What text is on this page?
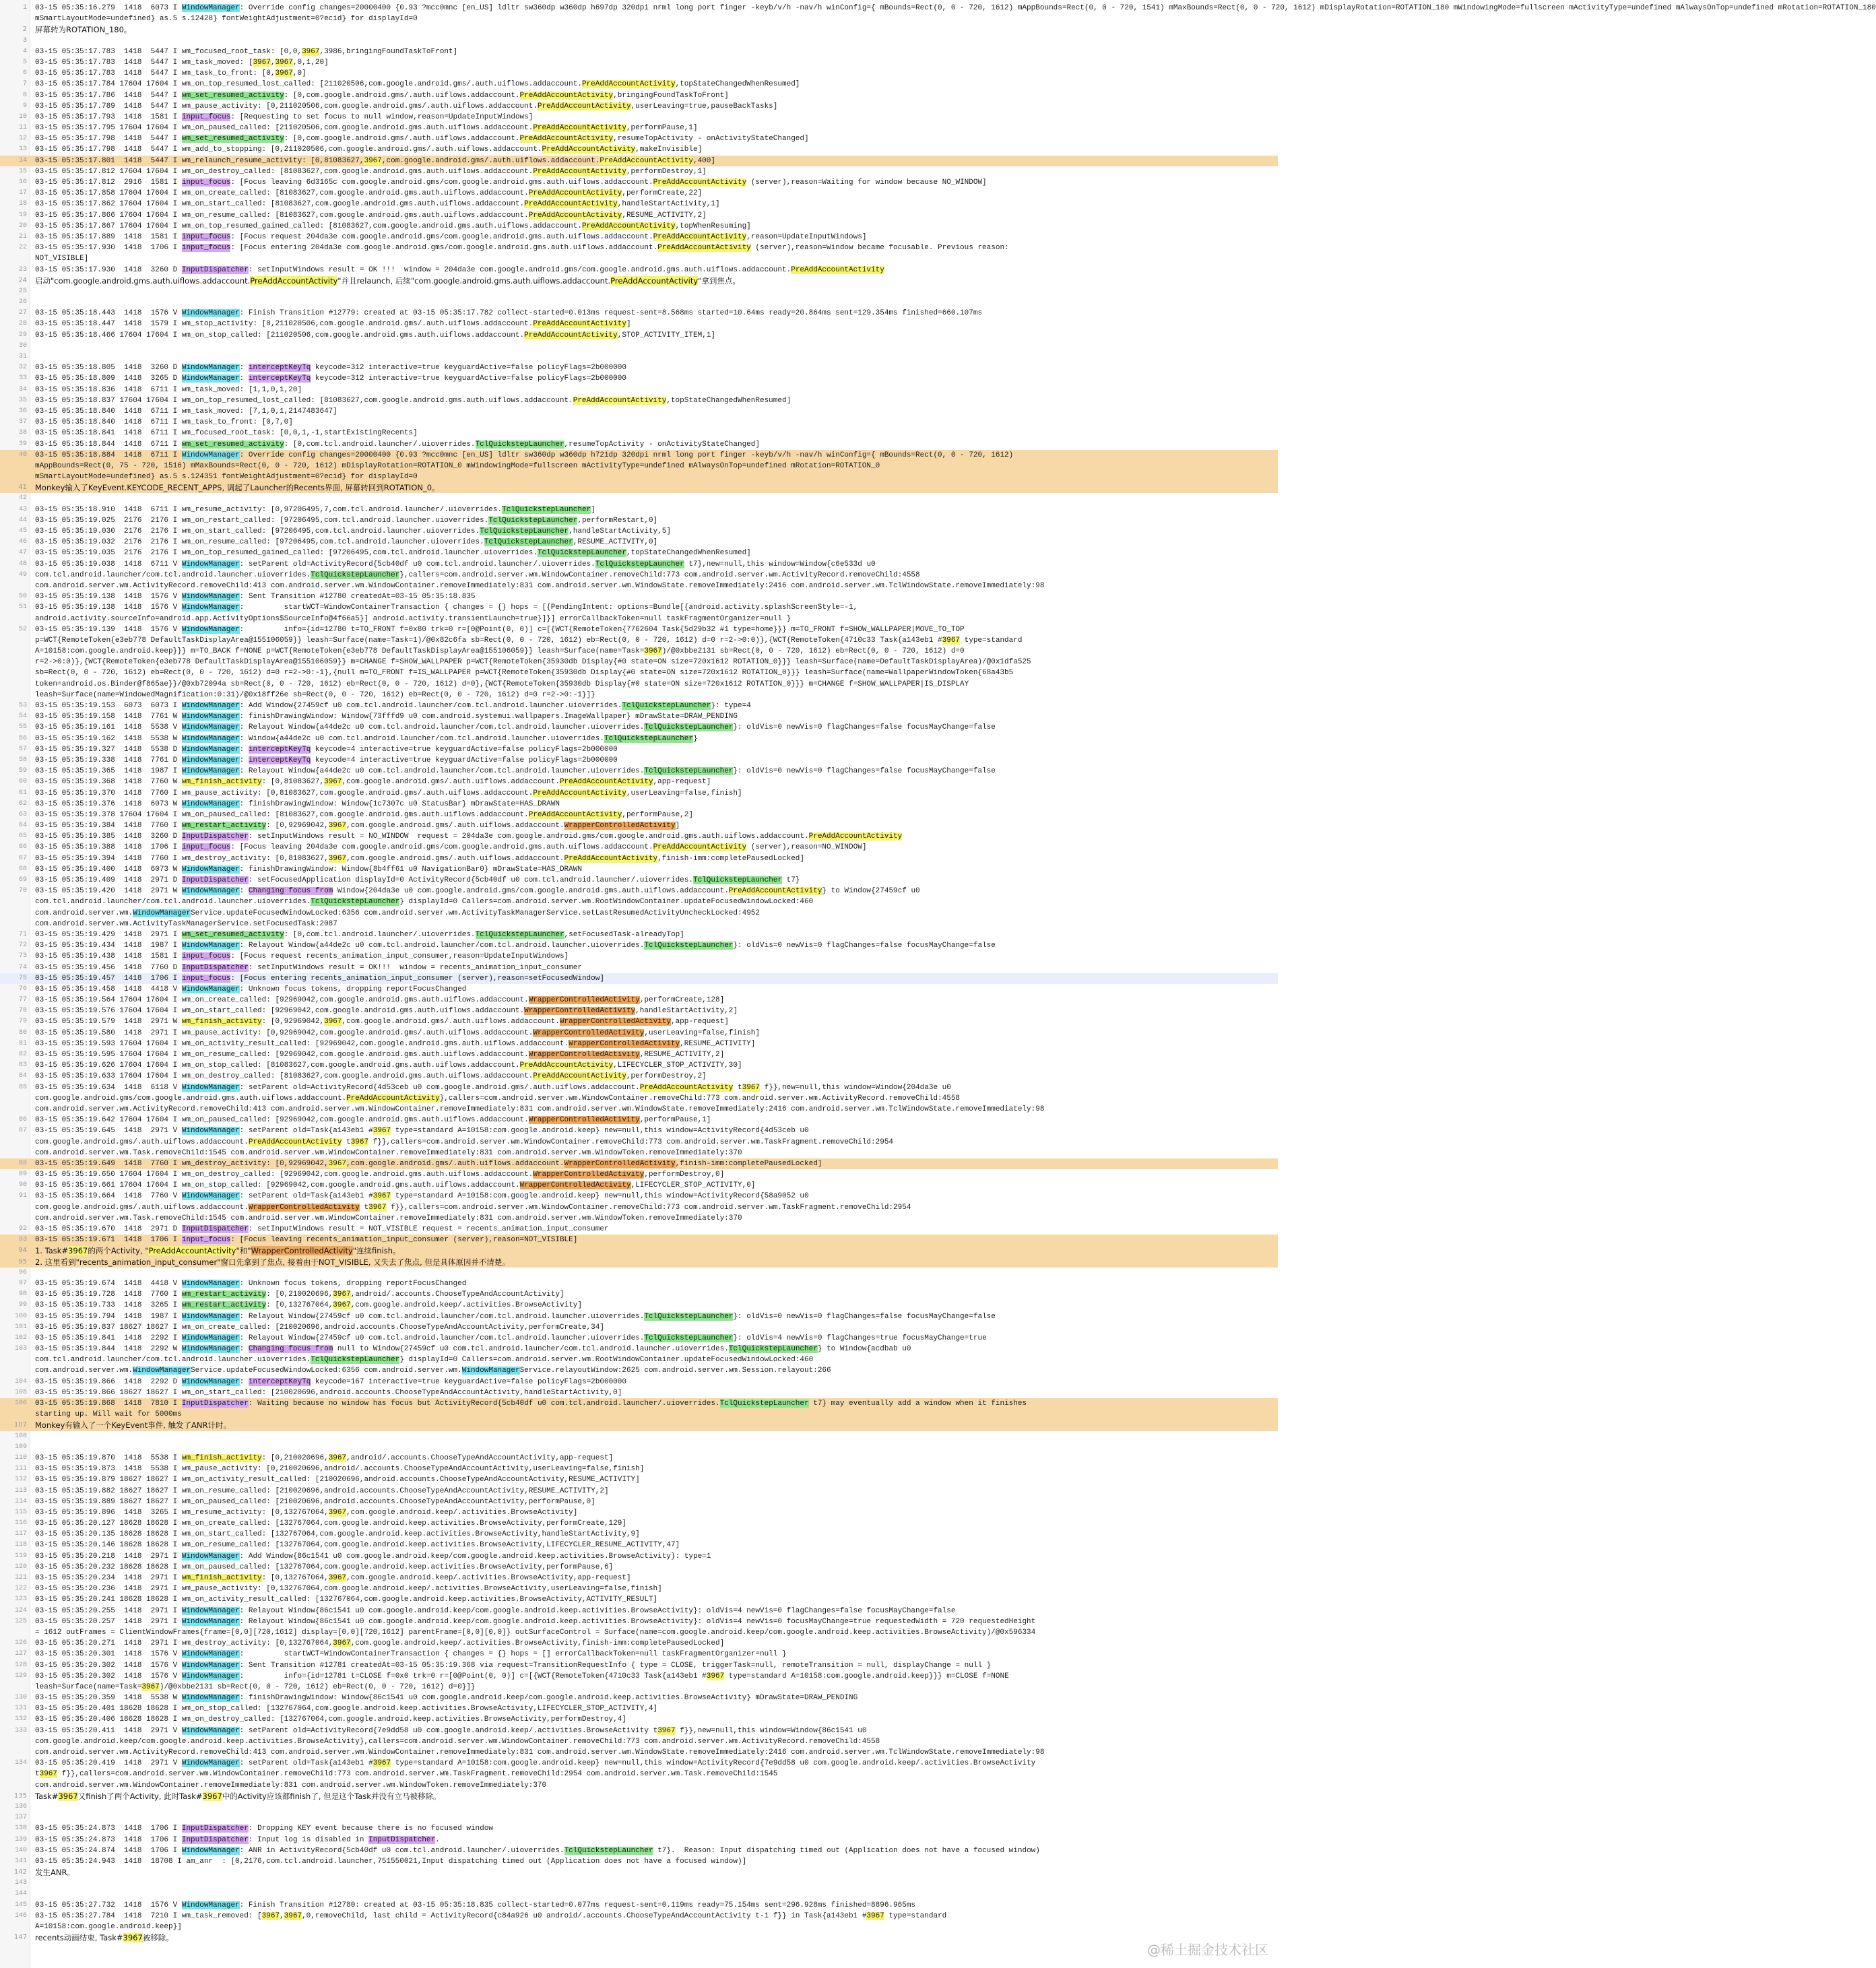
1 03-15 05:35:16.279  1418  6073 I WindowManager: Override config changes=20000400 {0.93 ?mcc0mnc [en_US] ldltr sw360dp w360dp h697dp 320dpi nrml long port finger -keyb/v/h -nav/h winConfig={ mBounds=Rect(0, 0 - 720, 1612) mAppBounds=Rect(0, 0 - 720, 1541) mMaxBounds=Rect(0, 0 - 720, 1612) mDisplayRotation=ROTATION_180 mWindowingMode=fullscreen mActivityType=undefined mAlwaysOnTop=undefined mRotation=ROTATION_180
mSmartLayoutMode=undefined} as.5 s.12428} fontWeightAdjustment=0?ecid} for displayId=0
2 屏幕转为ROTATION_180。
3
4 03-15 05:35:17.783  1418  5447 I wm_focused_root_task: [0,0,3967,3986,bringingFoundTaskToFront]
5 03-15 05:35:17.783  1418  5447 I wm_task_moved: [3967,3967,0,1,20]
6 03-15 05:35:17.783  1418  5447 I wm_task_to_front: [0,3967,0]
7 03-15 05:35:17.784 17604 17604 I wm_on_top_resumed_lost_called: [211020506,com.google.android.gms/.auth.uiflows.addaccount.PreAddAccountActivity,topStateChangedWhenResumed]
8 03-15 05:35:17.786  1418  5447 I wm_set_resumed_activity: [0,com.google.android.gms/.auth.uiflows.addaccount.PreAddAccountActivity,bringingFoundTaskToFront]
9 03-15 05:35:17.789  1418  5447 I wm_pause_activity: [0,211020506,com.google.android.gms/.auth.uiflows.addaccount.PreAddAccountActivity,userLeaving=true,pauseBackTasks]
10 03-15 05:35:17.793  1418  1581 I input_focus: [Requesting to set focus to null window,reason=UpdateInputWindows]
11 03-15 05:35:17.795 17604 17604 I wm_on_paused_called: [211020506,com.google.android.gms.auth.uiflows.addaccount.PreAddAccountActivity,performPause,1]
12 03-15 05:35:17.798  1418  5447 I wm_set_resumed_activity: [0,com.google.android.gms/.auth.uiflows.addaccount.PreAddAccountActivity,resumeTopActivity - onActivityStateChanged]
13 03-15 05:35:17.798  1418  5447 I wm_add_to_stopping: [0,211020506,com.google.android.gms/.auth.uiflows.addaccount.PreAddAccountActivity,makeInvisible]
14 03-15 05:35:17.801  1418  5447 I wm_relaunch_resume_activity: [0,81083627,3967,com.google.android.gms/.auth.uiflows.addaccount.PreAddAccountActivity,400]
15 03-15 05:35:17.812 17604 17604 I wm_on_destroy_called: [81083627,com.google.android.gms.auth.uiflows.addaccount.PreAddAccountActivity,performDestroy,1]
16 03-15 05:35:17.812  2916  1581 I input_focus: [Focus leaving 6d3165c com.google.android.gms/com.google.android.gms.auth.uiflows.addaccount.PreAddAccountActivity (server),reason=Waiting for window because NO_WINDOW]
17 03-15 05:35:17.858 17604 17604 I wm_on_create_called: [81083627,com.google.android.gms.auth.uiflows.addaccount.PreAddAccountActivity,performCreate,22]
18 03-15 05:35:17.862 17604 17604 I wm_on_start_called: [81083627,com.google.android.gms.auth.uiflows.addaccount.PreAddAccountActivity,handleStartActivity,1]
19 03-15 05:35:17.866 17604 17604 I wm_on_resume_called: [81083627,com.google.android.gms.auth.uiflows.addaccount.PreAddAccountActivity,RESUME_ACTIVITY,2]
20 03-15 05:35:17.867 17604 17604 I wm_on_top_resumed_gained_called: [81083627,com.google.android.gms.auth.uiflows.addaccount.PreAddAccountActivity,topWhenResuming]
21 03-15 05:35:17.889  1418  1581 I input_focus: [Focus request 204da3e com.google.android.gms/com.google.android.gms.auth.uiflows.addaccount.PreAddAccountActivity,reason=UpdateInputWindows]
22 03-15 05:35:17.930  1418  1706 I input_focus: [Focus entering 204da3e com.google.android.gms/com.google.android.gms.auth.uiflows.addaccount.PreAddAccountActivity (server),reason=Window became focusable. Previous reason:
NOT_VISIBLE]
23 03-15 05:35:17.930  1418  3260 D InputDispatcher: setInputWindows result = OK !!!  window = 204da3e com.google.android.gms/com.google.android.gms.auth.uiflows.addaccount.PreAddAccountActivity
24 启动"com.google.android.gms.auth.uiflows.addaccount.PreAddAccountActivity"并且relaunch, 后续"com.google.android.gms.auth.uiflows.addaccount.PreAddAccountActivity"拿到焦点。
25
26
27 03-15 05:35:18.443  1418  1576 V WindowManager: Finish Transition #12779: created at 03-15 05:35:17.782 collect-started=0.013ms request-sent=8.568ms started=10.64ms ready=20.864ms sent=129.354ms finished=660.107ms
28 03-15 05:35:18.447  1418  1579 I wm_stop_activity: [0,211020506,com.google.android.gms/.auth.uiflows.addaccount.PreAddAccountActivity]
29 03-15 05:35:18.466 17604 17604 I wm_on_stop_called: [211020506,com.google.android.gms.auth.uiflows.addaccount.PreAddAccountActivity,STOP_ACTIVITY_ITEM,1]
30
31
32 03-15 05:35:18.805  1418  3260 D WindowManager: interceptKeyTq keycode=312 interactive=true keyguardActive=false policyFlags=2b000000
33 03-15 05:35:18.809  1418  3265 D WindowManager: interceptKeyTq keycode=312 interactive=true keyguardActive=false policyFlags=2b000000
34 03-15 05:35:18.836  1418  6711 I wm_task_moved: [1,1,0,1,20]
35 03-15 05:35:18.837 17604 17604 I wm_on_top_resumed_lost_called: [81083627,com.google.android.gms.auth.uiflows.addaccount.PreAddAccountActivity,topStateChangedWhenResumed]
36 03-15 05:35:18.840  1418  6711 I wm_task_moved: [7,1,0,1,2147483647]
37 03-15 05:35:18.840  1418  6711 I wm_task_to_front: [0,7,0]
38 03-15 05:35:18.841  1418  6711 I wm_focused_root_task: [0,0,1,-1,startExistingRecents]
39 03-15 05:35:18.844  1418  6711 I wm_set_resumed_activity: [0,com.tcl.android.launcher/.uioverrides.TclQuickstepLauncher,resumeTopActivity - onActivityStateChanged]
40 03-15 05:35:18.884  1418  6711 I WindowManager: Override config changes=20000400 {0.93 ?mcc0mnc [en_US] ldltr sw360dp w360dp h721dp 320dpi nrml long port finger -keyb/v/h -nav/h winConfig={ mBounds=Rect(0, 0 - 720, 1612)
mAppBounds=Rect(0, 75 - 720, 1516) mMaxBounds=Rect(0, 0 - 720, 1612) mDisplayRotation=ROTATION_0 mWindowingMode=fullscreen mActivityType=undefined mAlwaysOnTop=undefined mRotation=ROTATION_0
mSmartLayoutMode=undefined} as.5 s.124351 fontWeightAdjustment=0?ecid} for displayId=0
41 Monkey输入了KeyEvent.KEYCODE_RECENT_APPS, 调起了Launcher的Recents界面, 屏幕转回到ROTATION_0。
42
43 03-15 05:35:18.910  1418  6711 I wm_resume_activity: [0,97206495,7,com.tcl.android.launcher/.uioverrides.TclQuickstepLauncher]
44 03-15 05:35:19.025  2176  2176 I wm_on_restart_called: [97206495,com.tcl.android.launcher.uioverrides.TclQuickstepLauncher,performRestart,0]
45 03-15 05:35:19.030  2176  2176 I wm_on_start_called: [97206495,com.tcl.android.launcher.uioverrides.TclQuickstepLauncher,handleStartActivity,5]
46 03-15 05:35:19.032  2176  2176 I wm_on_resume_called: [97206495,com.tcl.android.launcher.uioverrides.TclQuickstepLauncher,RESUME_ACTIVITY,0]
47 03-15 05:35:19.035  2176  2176 I wm_on_top_resumed_gained_called: [97206495,com.tcl.android.launcher.uioverrides.TclQuickstepLauncher,topStateChangedWhenResumed]
48 03-15 05:35:19.038  1418  6711 V WindowManager: setParent old=ActivityRecord{5cb40df u0 com.tcl.android.launcher/.uioverrides.TclQuickstepLauncher t7},new=null,this window=Window{c6e533d u0
49 com.tcl.android.launcher/com.tcl.android.launcher.uioverrides.TclQuickstepLauncher},callers=com.android.server.wm.WindowContainer.removeChild:773 com.android.server.wm.ActivityRecord.removeChild:4558
com.android.server.wm.ActivityRecord.removeChild:413 com.android.server.wm.WindowContainer.removeImmediately:831 com.android.server.wm.WindowState.removeImmediately:2416 com.android.server.wm.TclWindowState.removeImmediately:98
50 03-15 05:35:19.138  1418  1576 V WindowManager: Sent Transition #12780 createdAt=03-15 05:35:18.835
51 03-15 05:35:19.138  1418  1576 V WindowManager:         startWCT=WindowContainerTransaction { changes = {} hops = [{PendingIntent: options=Bundle[{android.activity.splashScreenStyle=-1,
android.activity.sourceInfo=android.app.ActivityOptions$SourceInfo@4f66a5}] android.activity.transientLaunch=true}]}] errorCallbackToken=null taskFragmentOrganizer=null }
52 03-15 05:35:19.139  1418  1576 V WindowManager:         info={id=12780 t=TO_FRONT f=0x80 trk=0 r=[0@Point(0, 0)] c=[{WCT{RemoteToken{7762604 Task{5d29b32 #1 type=home}}} m=TO_FRONT f=SHOW_WALLPAPER|MOVE_TO_TOP
p=WCT{RemoteToken{e3eb778 DefaultTaskDisplayArea@155106059}} leash=Surface(name=Task=1)/@0x82c6fa sb=Rect(0, 0 - 720, 1612) eb=Rect(0, 0 - 720, 1612) d=0 r=2->0:0)},{WCT{RemoteToken{4710c33 Task{a143eb1 #3967 type=standard
A=10158:com.google.android.keep}}} m=TO_BACK f=NONE p=WCT{RemoteToken{e3eb778 DefaultTaskDisplayArea@155106059}} leash=Surface(name=Task=3967)/@0xbbe2131 sb=Rect(0, 0 - 720, 1612) eb=Rect(0, 0 - 720, 1612) d=0
r=2->0:0)},{WCT{RemoteToken{e3eb778 DefaultTaskDisplayArea@155106059}} m=CHANGE f=SHOW_WALLPAPER p=WCT{RemoteToken{35930db Display{#0 state=ON size=720x1612 ROTATION_0}}} leash=Surface(name=DefaultTaskDisplayArea)/@0x1dfa525
sb=Rect(0, 0 - 720, 1612) eb=Rect(0, 0 - 720, 1612) d=0 r=2->0:-1},{null m=TO_FRONT f=IS_WALLPAPER p=WCT{RemoteToken{35930db Display{#0 state=ON size=720x1612 ROTATION_0}}} leash=Surface(name=WallpaperWindowToken{68a43b5
token=android.os.Binder@f865ae}}/@0xb72094a sb=Rect(0, 0 - 720, 1612) eb=Rect(0, 0 - 720, 1612) d=0},{WCT{RemoteToken{35930db Display{#0 state=ON size=720x1612 ROTATION_0}}} m=CHANGE f=SHOW_WALLPAPER|IS_DISPLAY
leash=Surface(name=WindowedMagnification:0:31)/@0x18ff26e sb=Rect(0, 0 - 720, 1612) eb=Rect(0, 0 - 720, 1612) d=0 r=2->0:-1}]}
53 03-15 05:35:19.153  6073  6073 I WindowManager: Add Window{27459cf u0 com.tcl.android.launcher/com.tcl.android.launcher.uioverrides.TclQuickstepLauncher}: type=4
54 03-15 05:35:19.158  1418  7761 W WindowManager: finishDrawingWindow: Window{73fffd9 u0 com.android.systemui.wallpapers.ImageWallpaper} mDrawState=DRAW_PENDING
55 03-15 05:35:19.161  1418  5538 V WindowManager: Relayout Window{a44de2c u0 com.tcl.android.launcher/com.tcl.android.launcher.uioverrides.TclQuickstepLauncher}: oldVis=0 newVis=0 flagChanges=false focusMayChange=false
56 03-15 05:35:19.162  1418  5538 W WindowManager: Window{a44de2c u0 com.tcl.android.launcher/com.tcl.android.launcher.uioverrides.TclQuickstepLauncher}
57 03-15 05:35:19.327  1418  5538 D WindowManager: interceptKeyTq keycode=4 interactive=true keyguardActive=false policyFlags=2b000000
58 03-15 05:35:19.338  1418  7761 D WindowManager: interceptKeyTq keycode=4 interactive=true keyguardActive=false policyFlags=2b000000
59 03-15 05:35:19.365  1418  1987 I WindowManager: Relayout Window{a44de2c u0 com.tcl.android.launcher/com.tcl.android.launcher.uioverrides.TclQuickstepLauncher}: oldVis=0 newVis=0 flagChanges=false focusMayChange=false
60 03-15 05:35:19.368  1418  7760 W wm_finish_activity: [0,81083627,3967,com.google.android.gms/.auth.uiflows.addaccount.PreAddAccountActivity,app-request]
61 03-15 05:35:19.370  1418  7760 I wm_pause_activity: [0,81083627,com.google.android.gms/.auth.uiflows.addaccount.PreAddAccountActivity,userLeaving=false,finish]
62 03-15 05:35:19.376  1418  6073 W WindowManager: finishDrawingWindow: Window{1c7307c u0 StatusBar} mDrawState=HAS_DRAWN
63 03-15 05:35:19.378 17604 17604 I wm_on_paused_called: [81083627,com.google.android.gms.auth.uiflows.addaccount.PreAddAccountActivity,performPause,2]
64 03-15 05:35:19.384  1418  7760 I wm_restart_activity: [0,92969042,3967,com.google.android.gms/.auth.uiflows.addaccount.WrapperControlledActivity]
65 03-15 05:35:19.385  1418  3260 D InputDispatcher: setInputWindows result = NO_WINDOW  request = 204da3e com.google.android.gms/com.google.android.gms.auth.uiflows.addaccount.PreAddAccountActivity
66 03-15 05:35:19.388  1418  1706 I input_focus: [Focus leaving 204da3e com.google.android.gms/com.google.android.gms.auth.uiflows.addaccount.PreAddAccountActivity (server),reason=NO_WINDOW]
67 03-15 05:35:19.394  1418  7760 I wm_destroy_activity: [0,81083627,3967,com.google.android.gms/.auth.uiflows.addaccount.PreAddAccountActivity,finish-imm:completePausedLocked]
68 03-15 05:35:19.400  1418  6073 W WindowManager: finishDrawingWindow: Window{8b4ff61 u0 NavigationBar0} mDrawState=HAS_DRAWN
69 03-15 05:35:19.409  1418  2971 D InputDispatcher: setFocusedApplication displayId=0 ActivityRecord{5cb40df u0 com.tcl.android.launcher/.uioverrides.TclQuickstepLauncher t7}
70 03-15 05:35:19.420  1418  2971 W WindowManager: Changing focus from Window{204da3e u0 com.google.android.gms/com.google.android.gms.auth.uiflows.addaccount.PreAddAccountActivity} to Window{27459cf u0
com.tcl.android.launcher/com.tcl.android.launcher.uioverrides.TclQuickstepLauncher} displayId=0 Callers=com.android.server.wm.RootWindowContainer.updateFocusedWindowLocked:460
com.android.server.wm.WindowManagerService.updateFocusedWindowLocked:6356 com.android.server.wm.ActivityTaskManagerService.setLastResumedActivityUncheckLocked:4952
com.android.server.wm.ActivityTaskManagerService.setFocusedTask:2087
71 03-15 05:35:19.429  1418  2971 I wm_set_resumed_activity: [0,com.tcl.android.launcher/.uioverrides.TclQuickstepLauncher,setFocusedTask-alreadyTop]
72 03-15 05:35:19.434  1418  1987 I WindowManager: Relayout Window{a44de2c u0 com.tcl.android.launcher/com.tcl.android.launcher.uioverrides.TclQuickstepLauncher}: oldVis=0 newVis=0 flagChanges=false focusMayChange=false
73 03-15 05:35:19.438  1418  1581 I input_focus: [Focus request recents_animation_input_consumer,reason=UpdateInputWindows]
74 03-15 05:35:19.456  1418  7760 D InputDispatcher: setInputWindows result = OK!!!  window = recents_animation_input_consumer
75 03-15 05:35:19.457  1418  1706 I input_focus: [Focus entering recents_animation_input_consumer (server),reason=setFocusedWindow]
76 03-15 05:35:19.458  1418  4418 V WindowManager: Unknown focus tokens, dropping reportFocusChanged
77 03-15 05:35:19.564 17604 17604 I wm_on_create_called: [92969042,com.google.android.gms.auth.uiflows.addaccount.WrapperControlledActivity,performCreate,128]
78 03-15 05:35:19.576 17604 17604 I wm_on_start_called: [92969042,com.google.android.gms.auth.uiflows.addaccount.WrapperControlledActivity,handleStartActivity,2]
79 03-15 05:35:19.579  1418  2971 W wm_finish_activity: [0,92969042,3967,com.google.android.gms/.auth.uiflows.addaccount.WrapperControlledActivity,app-request]
80 03-15 05:35:19.580  1418  2971 I wm_pause_activity: [0,92969042,com.google.android.gms/.auth.uiflows.addaccount.WrapperControlledActivity,userLeaving=false,finish]
81 03-15 05:35:19.593 17604 17604 I wm_on_activity_result_called: [92969042,com.google.android.gms.auth.uiflows.addaccount.WrapperControlledActivity,RESUME_ACTIVITY]
82 03-15 05:35:19.595 17604 17604 I wm_on_resume_called: [92969042,com.google.android.gms.auth.uiflows.addaccount.WrapperControlledActivity,RESUME_ACTIVITY,2]
83 03-15 05:35:19.626 17604 17604 I wm_on_stop_called: [81083627,com.google.android.gms.auth.uiflows.addaccount.PreAddAccountActivity,LIFECYCLER_STOP_ACTIVITY,30]
84 03-15 05:35:19.633 17604 17604 I wm_on_destroy_called: [81083627,com.google.android.gms.auth.uiflows.addaccount.PreAddAccountActivity,performDestroy,2]
85 03-15 05:35:19.634  1418  6118 V WindowManager: setParent old=ActivityRecord{4d53ceb u0 com.google.android.gms/.auth.uiflows.addaccount.PreAddAccountActivity t3967 f}},new=null,this window=Window{204da3e u0
com.google.android.gms/com.google.android.gms.auth.uiflows.addaccount.PreAddAccountActivity},callers=com.android.server.wm.WindowContainer.removeChild:773 com.android.server.wm.ActivityRecord.removeChild:4558
com.android.server.wm.ActivityRecord.removeChild:413 com.android.server.wm.WindowContainer.removeImmediately:831 com.android.server.wm.WindowState.removeImmediately:2416 com.android.server.wm.TclWindowState.removeImmediately:98
86 03-15 05:35:19.642 17604 17604 I wm_on_paused_called: [92969042,com.google.android.gms.auth.uiflows.addaccount.WrapperControlledActivity,performPause,1]
87 03-15 05:35:19.645  1418  2971 V WindowManager: setParent old=Task{a143eb1 #3967 type=standard A=10158:com.google.android.keep} new=null,this window=ActivityRecord{4d53ceb u0
com.google.android.gms/.auth.uiflows.addaccount.PreAddAccountActivity t3967 f}},callers=com.android.server.wm.WindowContainer.removeChild:773 com.android.server.wm.TaskFragment.removeChild:2954
com.android.server.wm.Task.removeChild:1545 com.android.server.wm.WindowContainer.removeImmediately:831 com.android.server.wm.WindowToken.removeImmediately:370
88 03-15 05:35:19.649  1418  7760 I wm_destroy_activity: [0,92969042,3967,com.google.android.gms/.auth.uiflows.addaccount.WrapperControlledActivity,finish-imm:completePausedLocked]
89 03-15 05:35:19.650 17604 17604 I wm_on_destroy_called: [92969042,com.google.android.gms.auth.uiflows.addaccount.WrapperControlledActivity,performDestroy,0]
90 03-15 05:35:19.661 17604 17604 I wm_on_stop_called: [92969042,com.google.android.gms.auth.uiflows.addaccount.WrapperControlledActivity,LIFECYCLER_STOP_ACTIVITY,0]
91 03-15 05:35:19.664  1418  7760 V WindowManager: setParent old=Task{a143eb1 #3967 type=standard A=10158:com.google.android.keep} new=null,this window=ActivityRecord{58a9052 u0
com.google.android.gms/.auth.uiflows.addaccount.WrapperControlledActivity t3967 f}},callers=com.android.server.wm.WindowContainer.removeChild:773 com.android.server.wm.TaskFragment.removeChild:2954
com.android.server.wm.Task.removeChild:1545 com.android.server.wm.WindowContainer.removeImmediately:831 com.android.server.wm.WindowToken.removeImmediately:370
92 03-15 05:35:19.670  1418  2971 D InputDispatcher: setInputWindows result = NOT_VISIBLE request = recents_animation_input_consumer
93 03-15 05:35:19.671  1418  1706 I input_focus: [Focus leaving recents_animation_input_consumer (server),reason=NOT_VISIBLE]
94 1. Task#3967的两个Activity, "PreAddAccountActivity"和"WrapperControlledActivity"连续finish。
95 2. 这里看到"recents_animation_input_consumer"窗口先拿到了焦点, 接着由于NOT_VISIBLE, 又失去了焦点, 但是具体原因并不清楚。
96
97 03-15 05:35:19.674  1418  4418 V WindowManager: Unknown focus tokens, dropping reportFocusChanged
98 03-15 05:35:19.728  1418  7760 I wm_restart_activity: [0,210020696,3967,android/.accounts.ChooseTypeAndAccountActivity]
99 03-15 05:35:19.733  1418  3265 I wm_restart_activity: [0,132767064,3967,com.google.android.keep/.activities.BrowseActivity]
100 03-15 05:35:19.794  1418  1987 I WindowManager: Relayout Window{27459cf u0 com.tcl.android.launcher/com.tcl.android.launcher.uioverrides.TclQuickstepLauncher}: oldVis=0 newVis=0 flagChanges=false focusMayChange=false
101 03-15 05:35:19.837 18627 18627 I wm_on_create_called: [210020696,android.accounts.ChooseTypeAndAccountActivity,performCreate,34]
102 03-15 05:35:19.841  1418  2292 I WindowManager: Relayout Window{27459cf u0 com.tcl.android.launcher/com.tcl.android.launcher.uioverrides.TclQuickstepLauncher}: oldVis=4 newVis=0 flagChanges=true focusMayChange=true
103 03-15 05:35:19.844  1418  2292 W WindowManager: Changing focus from null to Window{27459cf u0 com.tcl.android.launcher/com.tcl.android.launcher.uioverrides.TclQuickstepLauncher} to Window{acdbab u0
com.tcl.android.launcher/com.tcl.android.launcher.uioverrides.TclQuickstepLauncher} displayId=0 Callers=com.android.server.wm.RootWindowContainer.updateFocusedWindowLocked:460
com.android.server.wm.WindowManagerService.updateFocusedWindowLocked:6356 com.android.server.wm.WindowManagerService.relayoutWindow:2625 com.android.server.wm.Session.relayout:266
104 03-15 05:35:19.866  1418  2292 D WindowManager: interceptKeyTq keycode=167 interactive=true keyguardActive=false policyFlags=2b000000
105 03-15 05:35:19.866 18627 18627 I wm_on_start_called: [210020696,android.accounts.ChooseTypeAndAccountActivity,handleStartActivity,0]
106 03-15 05:35:19.868  1418  7810 I InputDispatcher: Waiting because no window has focus but ActivityRecord{5cb40df u0 com.tcl.android.launcher/.uioverrides.TclQuickstepLauncher t7} may eventually add a window when it finishes
starting up. Will wait for 5000ms
107 Monkey有输入了一个KeyEvent事件, 触发了ANR计时。
108
109
110 03-15 05:35:19.870  1418  5538 I wm_finish_activity: [0,210020696,3967,android/.accounts.ChooseTypeAndAccountActivity,app-request]
111 03-15 05:35:19.873  1418  5538 I wm_pause_activity: [0,210020696,android/.accounts.ChooseTypeAndAccountActivity,userLeaving=false,finish]
112 03-15 05:35:19.879 18627 18627 I wm_on_activity_result_called: [210020696,android.accounts.ChooseTypeAndAccountActivity,RESUME_ACTIVITY]
113 03-15 05:35:19.882 18627 18627 I wm_on_resume_called: [210020696,android.accounts.ChooseTypeAndAccountActivity,RESUME_ACTIVITY,2]
114 03-15 05:35:19.889 18627 18627 I wm_on_paused_called: [210020696,android.accounts.ChooseTypeAndAccountActivity,performPause,0]
115 03-15 05:35:19.896  1418  3265 I wm_resume_activity: [0,132767064,3967,com.google.android.keep/.activities.BrowseActivity]
116 03-15 05:35:20.127 18628 18628 I wm_on_create_called: [132767064,com.google.android.keep.activities.BrowseActivity,performCreate,129]
117 03-15 05:35:20.135 18628 18628 I wm_on_start_called: [132767064,com.google.android.keep.activities.BrowseActivity,handleStartActivity,9]
118 03-15 05:35:20.146 18628 18628 I wm_on_resume_called: [132767064,com.google.android.keep.activities.BrowseActivity,LIFECYCLER_RESUME_ACTIVITY,47]
119 03-15 05:35:20.218  1418  2971 I WindowManager: Add Window{86c1541 u0 com.google.android.keep/com.google.android.keep.activities.BrowseActivity}: type=1
120 03-15 05:35:20.232 18628 18628 I wm_on_paused_called: [132767064,com.google.android.keep.activities.BrowseActivity,performPause,6]
121 03-15 05:35:20.234  1418  2971 I wm_finish_activity: [0,132767064,3967,com.google.android.keep/.activities.BrowseActivity,app-request]
122 03-15 05:35:20.236  1418  2971 I wm_pause_activity: [0,132767064,com.google.android.keep/.activities.BrowseActivity,userLeaving=false,finish]
123 03-15 05:35:20.241 18628 18628 I wm_on_activity_result_called: [132767064,com.google.android.keep.activities.BrowseActivity,ACTIVITY_RESULT]
124 03-15 05:35:20.255  1418  2971 I WindowManager: Relayout Window{86c1541 u0 com.google.android.keep/com.google.android.keep.activities.BrowseActivity}: oldVis=4 newVis=0 flagChanges=false focusMayChange=false
125 03-15 05:35:20.257  1418  2971 I WindowManager: Relayout Window{86c1541 u0 com.google.android.keep/com.google.android.keep.activities.BrowseActivity}: oldVis=4 newVis=0 focusMayChange=true requestedWidth = 720 requestedHeight
= 1612 outFrames = ClientWindowFrames{frame=[0,0][720,1612] display=[0,0][720,1612] parentFrame=[0,0][0,0]} outSurfaceControl = Surface(name=com.google.android.keep/com.google.android.keep.activities.BrowseActivity)/@0x596334
126 03-15 05:35:20.271  1418  2971 I wm_destroy_activity: [0,132767064,3967,com.google.android.keep/.activities.BrowseActivity,finish-imm:completePausedLocked]
127 03-15 05:35:20.301  1418  1576 V WindowManager:         startWCT=WindowContainerTransaction { changes = {} hops = [] errorCallbackToken=null taskFragmentOrganizer=null }
128 03-15 05:35:20.302  1418  1576 V WindowManager: Sent Transition #12781 createdAt=03-15 05:35:19.368 via request=TransitionRequestInfo { type = CLOSE, triggerTask=null, remoteTransition = null, displayChange = null }
129 03-15 05:35:20.302  1418  1576 V WindowManager:         info={id=12781 t=CLOSE f=0x0 trk=0 r=[0@Point(0, 0)] c=[{WCT{RemoteToken{4710c33 Task{a143eb1 #3967 type=standard A=10158:com.google.android.keep}}} m=CLOSE f=NONE
leash=Surface(name=Task=3967)/@0xbbe2131 sb=Rect(0, 0 - 720, 1612) eb=Rect(0, 0 - 720, 1612) d=0}]}
130 03-15 05:35:20.359  1418  5538 W WindowManager: finishDrawingWindow: Window{86c1541 u0 com.google.android.keep/com.google.android.keep.activities.BrowseActivity} mDrawState=DRAW_PENDING
131 03-15 05:35:20.401 18628 18628 I wm_on_stop_called: [132767064,com.google.android.keep.activities.BrowseActivity,LIFECYCLER_STOP_ACTIVITY,4]
132 03-15 05:35:20.406 18628 18628 I wm_on_destroy_called: [132767064,com.google.android.keep.activities.BrowseActivity,performDestroy,4]
133 03-15 05:35:20.411  1418  2971 V WindowManager: setParent old=ActivityRecord{7e9dd58 u0 com.google.android.keep/.activities.BrowseActivity t3967 f}},new=null,this window=Window{86c1541 u0
com.google.android.keep/com.google.android.keep.activities.BrowseActivity},callers=com.android.server.wm.WindowContainer.removeChild:773 com.android.server.wm.ActivityRecord.removeChild:4558
com.android.server.wm.ActivityRecord.removeChild:413 com.android.server.wm.WindowContainer.removeImmediately:831 com.android.server.wm.WindowState.removeImmediately:2416 com.android.server.wm.TclWindowState.removeImmediately:98
134 03-15 05:35:20.419  1418  2971 V WindowManager: setParent old=Task{a143eb1 #3967 type=standard A=10158:com.google.android.keep} new=null,this window=ActivityRecord{7e9dd58 u0 com.google.android.keep/.activities.BrowseActivity
t3967 f}},callers=com.android.server.wm.WindowContainer.removeChild:773 com.android.server.wm.TaskFragment.removeChild:2954 com.android.server.wm.Task.removeChild:1545
com.android.server.wm.WindowContainer.removeImmediately:831 com.android.server.wm.WindowToken.removeImmediately:370
135 Task#3967又finish了两个Activity, 此时Task#3967中的Activity应该都finish了, 但是这个Task并没有立马被移除。
136
137
138 03-15 05:35:24.873  1418  1706 I InputDispatcher: Dropping KEY event because there is no focused window
139 03-15 05:35:24.873  1418  1706 I InputDispatcher: Input log is disabled in InputDispatcher.
140 03-15 05:35:24.874  1418  1706 I WindowManager: ANR in ActivityRecord{5cb40df u0 com.tcl.android.launcher/.uioverrides.TclQuickstepLauncher t7}.  Reason: Input dispatching timed out (Application does not have a focused window)
141 03-15 05:35:24.943  1418  18708 I am_anr  : [0,2176,com.tcl.android.launcher,751550021,Input dispatching timed out (Application does not have a focused window)]
142 发生ANR。
143
144
145 03-15 05:35:27.732  1418  1576 V WindowManager: Finish Transition #12780: created at 03-15 05:35:18.835 collect-started=0.077ms request-sent=0.119ms ready=75.154ms sent=296.928ms finished=8896.965ms
146 03-15 05:35:27.784  1418  7210 I wm_task_removed: [3967,3967,0,removeChild, last child = ActivityRecord{c84a926 u0 android/.accounts.ChooseTypeAndAccountActivity t-1 f}} in Task{a143eb1 #3967 type=standard
A=10158:com.google.android.keep}]
147 recents动画结束, Task#3967被移除。
@稀土掘金技术社区
